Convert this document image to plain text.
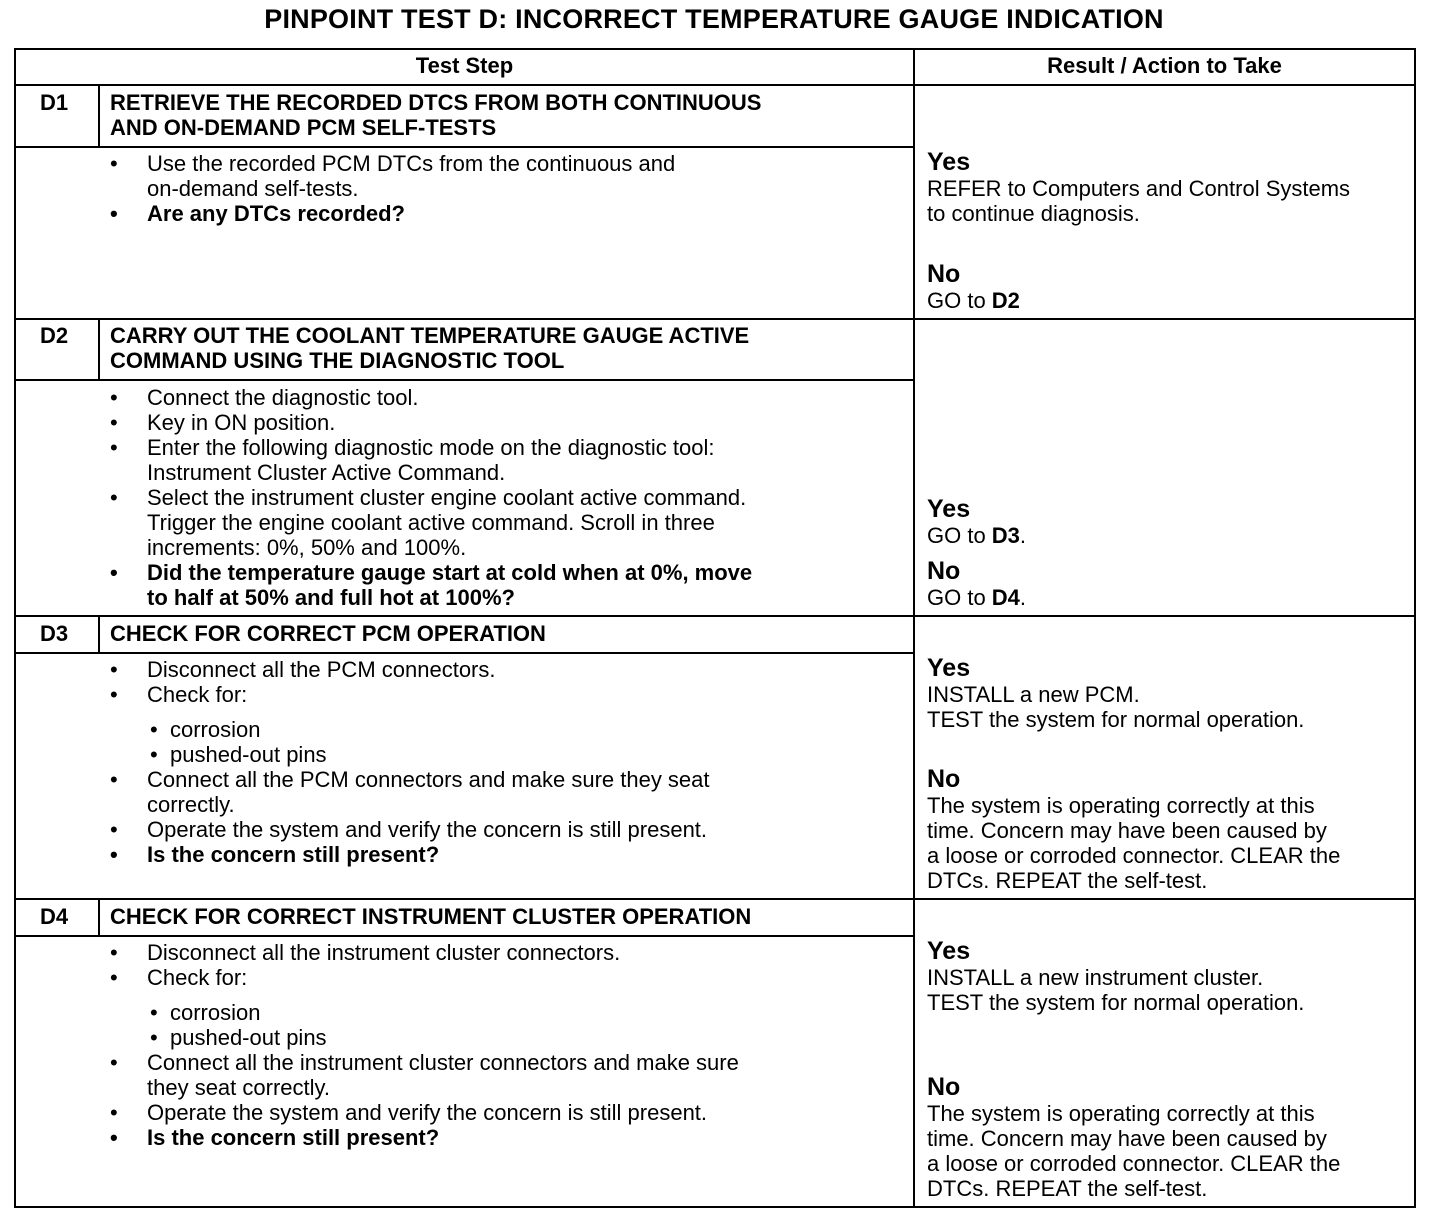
PINPOINT TEST D: INCORRECT TEMPERATURE GAUGE INDICATION
Test Step	Result / Action to Take
D1 RETRIEVE THE RECORDED DTCS FROM BOTH CONTINUOUS
AND ON-DEMAND PCM SELF-TESTS
• Use the recorded PCM DTCs from the continuous and
on-demand self-tests.
• Are any DTCs recorded?
Yes
REFER to Computers and Control Systems
to continue diagnosis.
No
GO to D2
D2 CARRY OUT THE COOLANT TEMPERATURE GAUGE ACTIVE
COMMAND USING THE DIAGNOSTIC TOOL
• Connect the diagnostic tool.
• Key in ON position.
• Enter the following diagnostic mode on the diagnostic tool:
Instrument Cluster Active Command.
• Select the instrument cluster engine coolant active command.
Trigger the engine coolant active command. Scroll in three
increments: 0%, 50% and 100%.
• Did the temperature gauge start at cold when at 0%, move
to half at 50% and full hot at 100%?
Yes
GO to D3.
No
GO to D4.
D3 CHECK FOR CORRECT PCM OPERATION
• Disconnect all the PCM connectors.
• Check for:
• corrosion
• pushed-out pins
• Connect all the PCM connectors and make sure they seat
correctly.
• Operate the system and verify the concern is still present.
• Is the concern still present?
Yes
INSTALL a new PCM.
TEST the system for normal operation.
No
The system is operating correctly at this
time. Concern may have been caused by
a loose or corroded connector. CLEAR the
DTCs. REPEAT the self-test.
D4 CHECK FOR CORRECT INSTRUMENT CLUSTER OPERATION
• Disconnect all the instrument cluster connectors.
• Check for:
• corrosion
• pushed-out pins
• Connect all the instrument cluster connectors and make sure
they seat correctly.
• Operate the system and verify the concern is still present.
• Is the concern still present?
Yes
INSTALL a new instrument cluster.
TEST the system for normal operation.
No
The system is operating correctly at this
time. Concern may have been caused by
a loose or corroded connector. CLEAR the
DTCs. REPEAT the self-test.
